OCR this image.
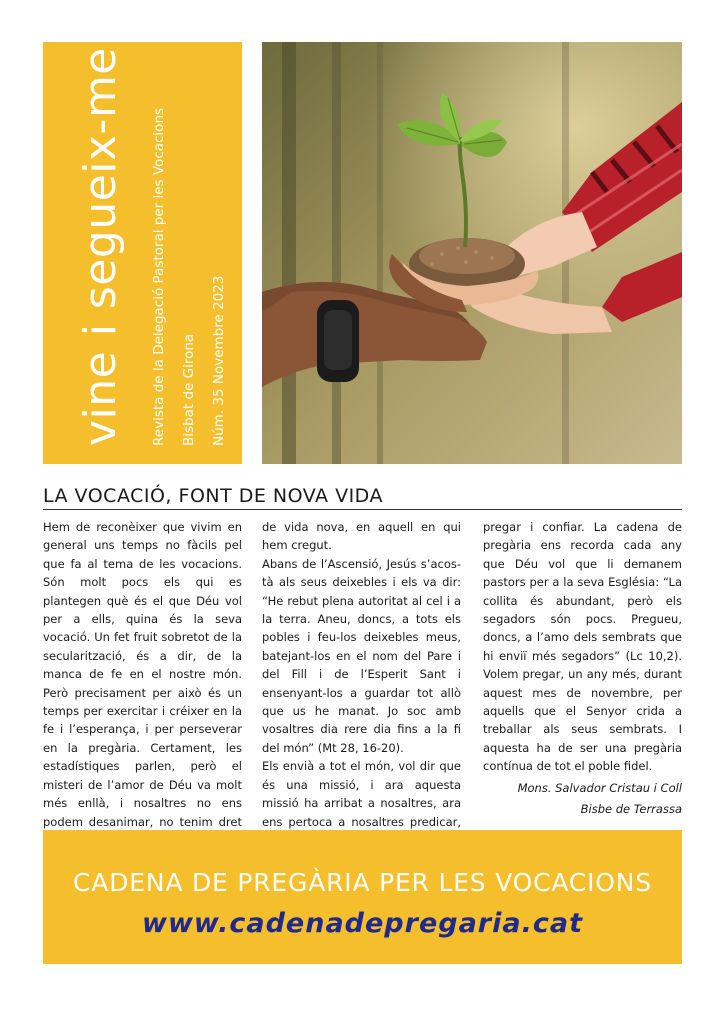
vine i segueix-me Revista de la Delegació Pastoral per les Vocacions Bisbat de Girona Núm. 35 Novembre 2023
LA VOCACIÓ, FONT DE NOVA VIDA

Hem de reconèixer que vivim en general uns temps no fàcils pel que fa al tema de les vocacions. Són molt pocs els qui es plantegen què és el que Déu vol per a ells, quina és la seva vocació. Un fet fruit sobretot de la secularització, és a dir, de la manca de fe en el nostre món. Però precisament per això és un temps per exercitar i créixer en la fe i l’esperança, i per perseverar en la pregària. Certament, les estadístiques parlen, però el misteri de l’amor de Déu va molt més enllà, i nosaltres no ens podem desanimar, no tenim dret

de vida nova, en aquell en qui hem cregut.

Abans de l’Ascensió, Jesús s’acostà als seus deixebles i els va dir: “He rebut plena autoritat al cel i a la terra. Aneu, doncs, a tots els pobles i feu-los deixebles meus, batejant-los en el nom del Pare i del Fill i de l’Esperit Sant i ensenyant-los a guardar tot allò que us he manat. Jo soc amb vosaltres dia rere dia fins a la fi del món” (Mt 28, 16-20).

Els envià a tot el món, vol dir que és una missió, i ara aquesta missió ha arribat a nosaltres, ara ens pertoca a nosaltres predicar,

pregar i confiar. La cadena de pregària ens recorda cada any que Déu vol que li demanem pastors per a la seva Església: “La collita és abundant, però els segadors són pocs. Pregueu, doncs, a l’amo dels sembrats que hi enviï més segadors” (Lc 10,2). Volem pregar, un any més, durant aquest mes de novembre, per aquells que el Senyor crida a treballar als seus sembrats. I aquesta ha de ser una pregària contínua de tot el poble fidel.

Mons. Salvador Cristau i Coll
Bisbe de Terrassa
CADENA DE PREGÀRIA PER LES VOCACIONS
www.cadenadepregaria.cat
